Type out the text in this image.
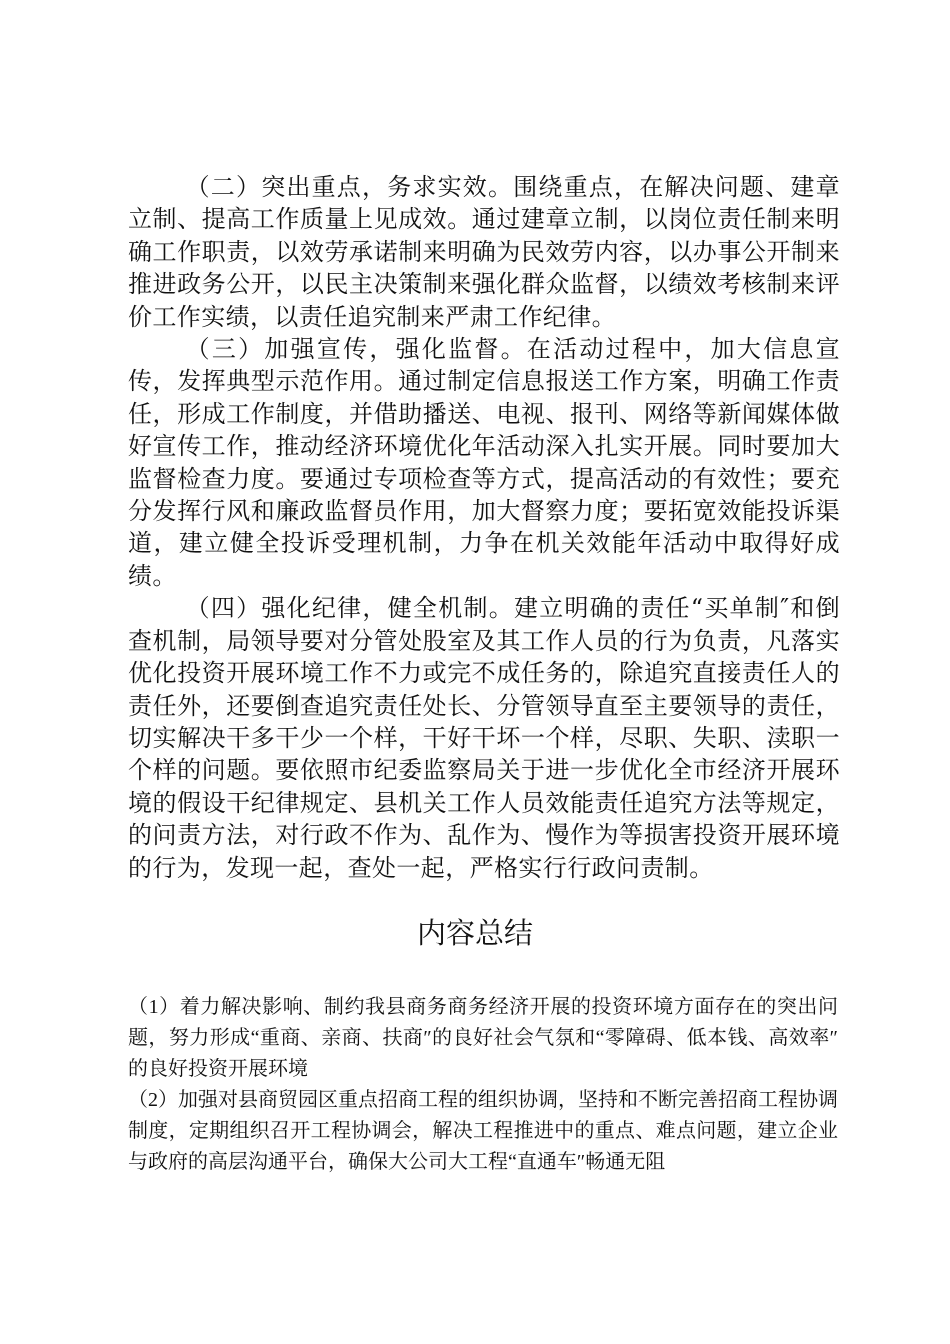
（二）突出重点，务求实效。围绕重点，在解决问题、建章立制、提高工作质量上见成效。通过建章立制，以岗位责任制来明确工作职责，以效劳承诺制来明确为民效劳内容，以办事公开制来推进政务公开，以民主决策制来强化群众监督，以绩效考核制来评价工作实绩，以责任追究制来严肃工作纪律。

（三）加强宣传，强化监督。在活动过程中，加大信息宣传，发挥典型示范作用。通过制定信息报送工作方案，明确工作责任，形成工作制度，并借助播送、电视、报刊、网络等新闻媒体做好宣传工作，推动经济环境优化年活动深入扎实开展。同时要加大监督检查力度。要通过专项检查等方式，提高活动的有效性；要充分发挥行风和廉政监督员作用，加大督察力度；要拓宽效能投诉渠道，建立健全投诉受理机制，力争在机关效能年活动中取得好成绩。

（四）强化纪律，健全机制。建立明确的责任“买单制″和倒查机制，局领导要对分管处股室及其工作人员的行为负责，凡落实优化投资开展环境工作不力或完不成任务的，除追究直接责任人的责任外，还要倒查追究责任处长、分管领导直至主要领导的责任，切实解决干多干少一个样，干好干坏一个样，尽职、失职、渎职一个样的问题。要依照市纪委监察局关于进一步优化全市经济开展环境的假设干纪律规定、县机关工作人员效能责任追究方法等规定，的问责方法，对行政不作为、乱作为、慢作为等损害投资开展环境的行为，发现一起，查处一起，严格实行行政问责制。

内容总结

（1）着力解决影响、制约我县商务商务经济开展的投资环境方面存在的突出问题，努力形成“重商、亲商、扶商″的良好社会气氛和“零障碍、低本钱、高效率″的良好投资开展环境

（2）加强对县商贸园区重点招商工程的组织协调，坚持和不断完善招商工程协调制度，定期组织召开工程协调会，解决工程推进中的重点、难点问题，建立企业与政府的高层沟通平台，确保大公司大工程“直通车″畅通无阻
